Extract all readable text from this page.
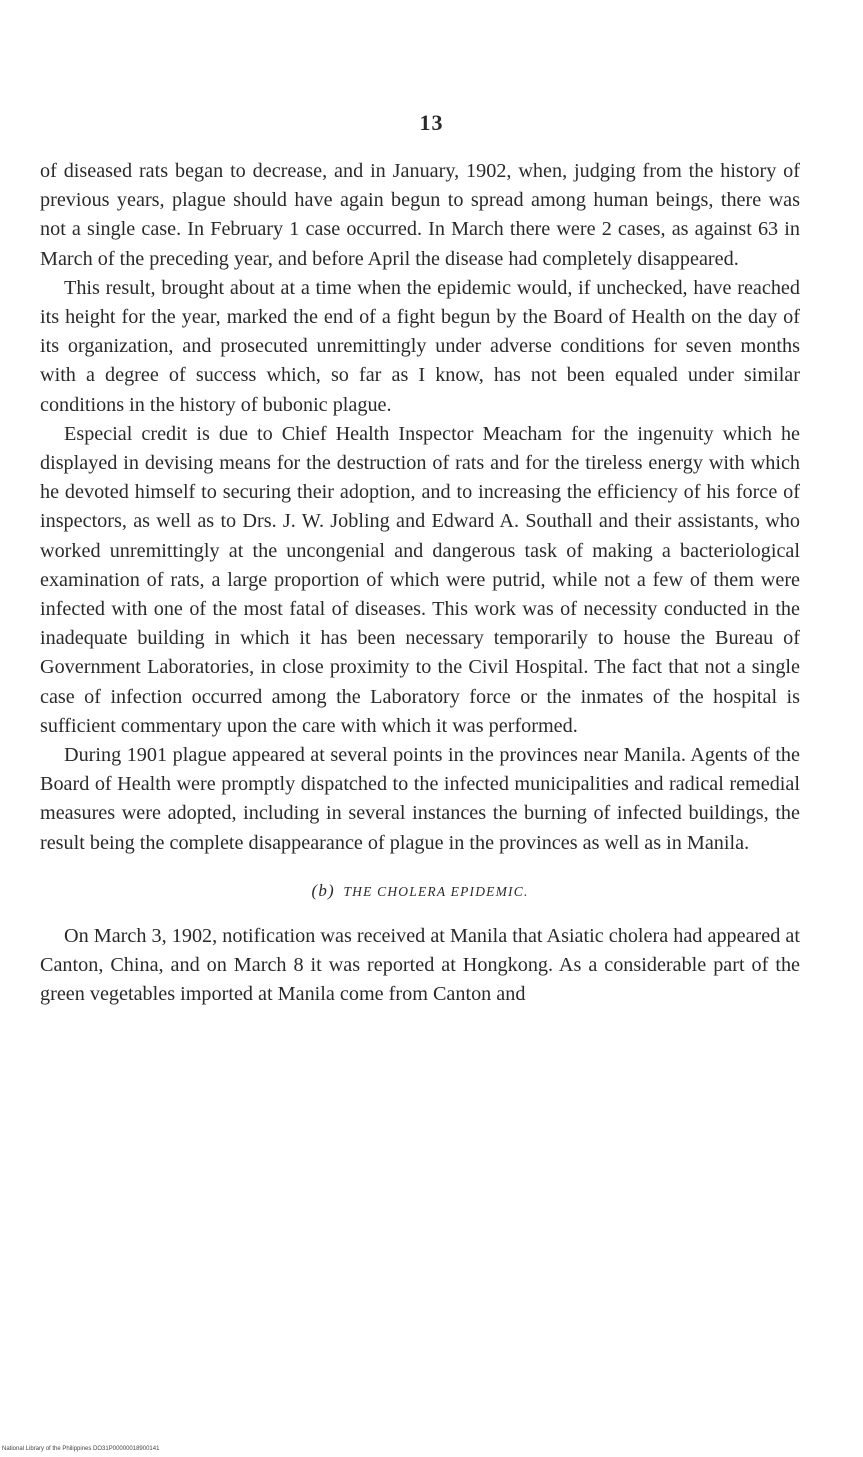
13

of diseased rats began to decrease, and in January, 1902, when, judging from the history of previous years, plague should have again begun to spread among human beings, there was not a single case. In February 1 case occurred. In March there were 2 cases, as against 63 in March of the preceding year, and before April the disease had completely disappeared.

This result, brought about at a time when the epidemic would, if unchecked, have reached its height for the year, marked the end of a fight begun by the Board of Health on the day of its organization, and prosecuted unremittingly under adverse conditions for seven months with a degree of success which, so far as I know, has not been equaled under similar conditions in the history of bubonic plague.

Especial credit is due to Chief Health Inspector Meacham for the ingenuity which he displayed in devising means for the destruction of rats and for the tireless energy with which he devoted himself to securing their adoption, and to increasing the efficiency of his force of inspectors, as well as to Drs. J. W. Jobling and Edward A. Southall and their assistants, who worked unremittingly at the uncongenial and dangerous task of making a bacteriological examination of rats, a large proportion of which were putrid, while not a few of them were infected with one of the most fatal of diseases. This work was of necessity conducted in the inadequate building in which it has been necessary temporarily to house the Bureau of Government Laboratories, in close proximity to the Civil Hospital. The fact that not a single case of infection occurred among the Laboratory force or the inmates of the hospital is sufficient commentary upon the care with which it was performed.

During 1901 plague appeared at several points in the provinces near Manila. Agents of the Board of Health were promptly dispatched to the infected municipalities and radical remedial measures were adopted, including in several instances the burning of infected buildings, the result being the complete disappearance of plague in the provinces as well as in Manila.

(b) THE CHOLERA EPIDEMIC.

On March 3, 1902, notification was received at Manila that Asiatic cholera had appeared at Canton, China, and on March 8 it was reported at Hongkong. As a considerable part of the green vegetables imported at Manila come from Canton and

National Library of the Philippines DO31P00000018900141
